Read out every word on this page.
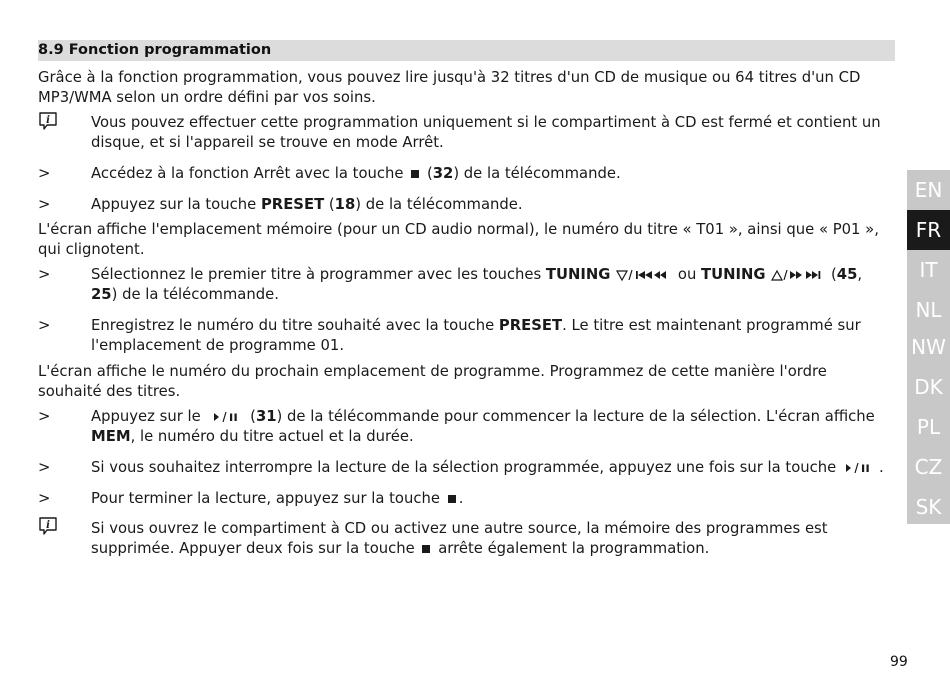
8.9 Fonction programmation
Grâce à la fonction programmation, vous pouvez lire jusqu'à 32 titres d'un CD de musique ou 64 titres d'un CD MP3/WMA selon un ordre défini par vos soins.
i	Vous pouvez effectuer cette programmation uniquement si le compartiment à CD est fermé et contient un disque, et si l'appareil se trouve en mode Arrêt.
>	Accédez à la fonction Arrêt avec la touche (32) de la télécommande.
>	Appuyez sur la touche PRESET (18) de la télécommande.
L'écran affiche l'emplacement mémoire (pour un CD audio normal), le numéro du titre « T01 », ainsi que « P01 », qui clignotent.
>	Sélectionnez le premier titre à programmer avec les touches TUNING	ou TUNING	(45, 25) de la télécommande.
>	Enregistrez le numéro du titre souhaité avec la touche PRESET. Le titre est maintenant programmé sur l'emplacement de programme 01.
L'écran affiche le numéro du prochain emplacement de programme. Programmez de cette manière l'ordre souhaité des titres.
>	Appuyez sur le	(31) de la télécommande pour commencer la lecture de la sélection. L'écran affiche MEM, le numéro du titre actuel et la durée.
>	Si vous souhaitez interrompre la lecture de la sélection programmée, appuyez une fois sur la touche	.
>	Pour terminer la lecture, appuyez sur la touche .
i	Si vous ouvrez le compartiment à CD ou activez une autre source, la mémoire des programmes est supprimée. Appuyer deux fois sur la touche arrête également la programmation.
EN
FR
IT
NL
NW
DK
PL
CZ
SK
99
